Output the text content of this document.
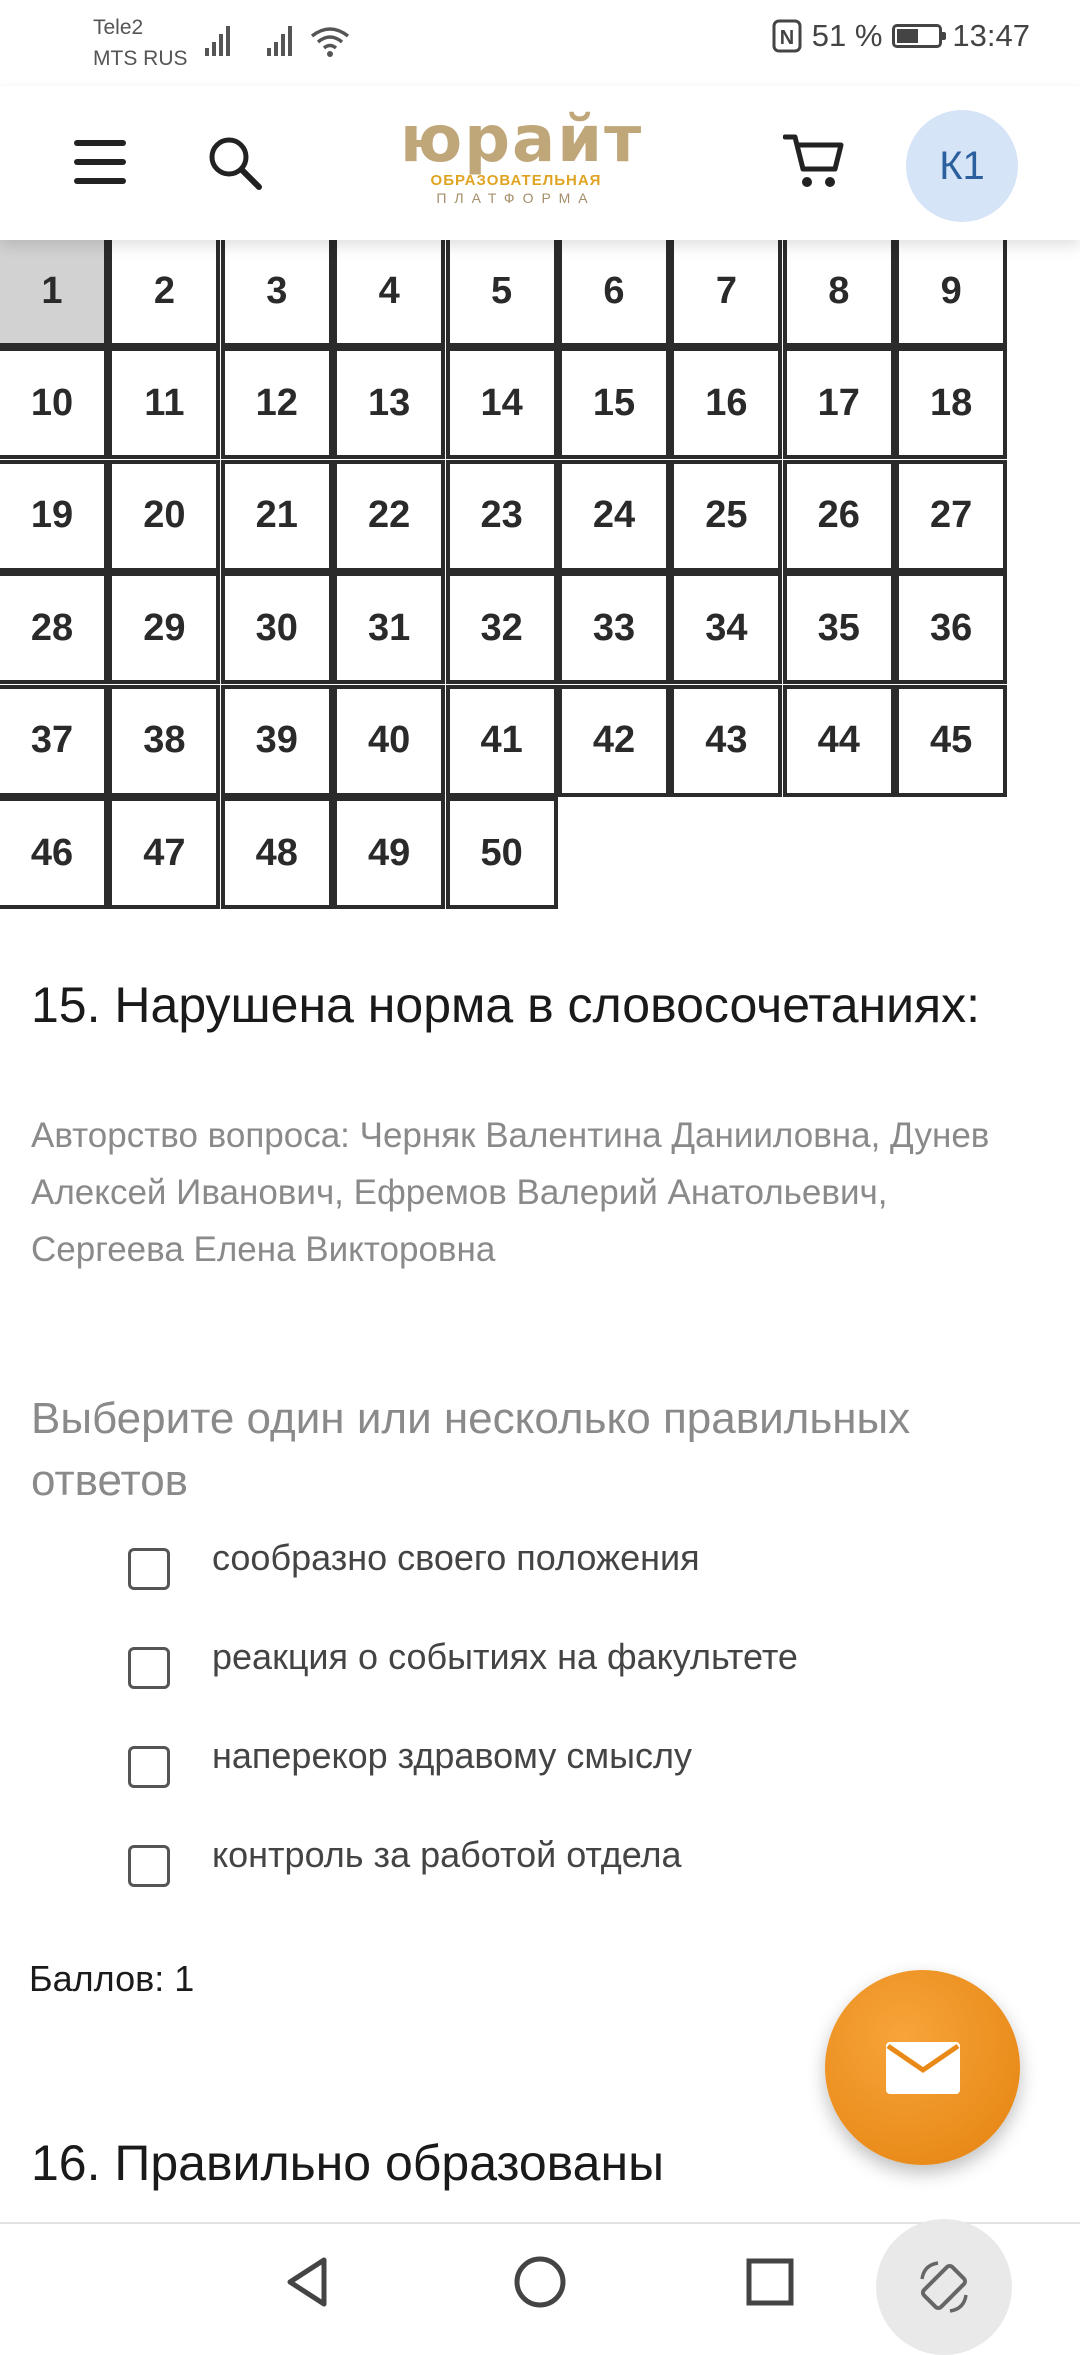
Tele2
MTS RUS
N 51 % 13:47
юрайт
ОБРАЗОВАТЕЛЬНАЯ
ПЛАТФОРМА
К1
1	2	3	4	5	6	7	8	9
10	11	12	13	14	15	16	17	18
19	20	21	22	23	24	25	26	27
28	29	30	31	32	33	34	35	36
37	38	39	40	41	42	43	44	45
46	47	48	49	50
15. Нарушена норма в словосочетаниях:
Авторство вопроса: Черняк Валентина Данииловна, Дунев Алексей Иванович, Ефремов Валерий Анатольевич, Сергеева Елена Викторовна
Выберите один или несколько правильных ответов
сообразно своего положения
реакция о событиях на факультете
наперекор здравому смыслу
контроль за работой отдела
Баллов: 1
16. Правильно образованы
